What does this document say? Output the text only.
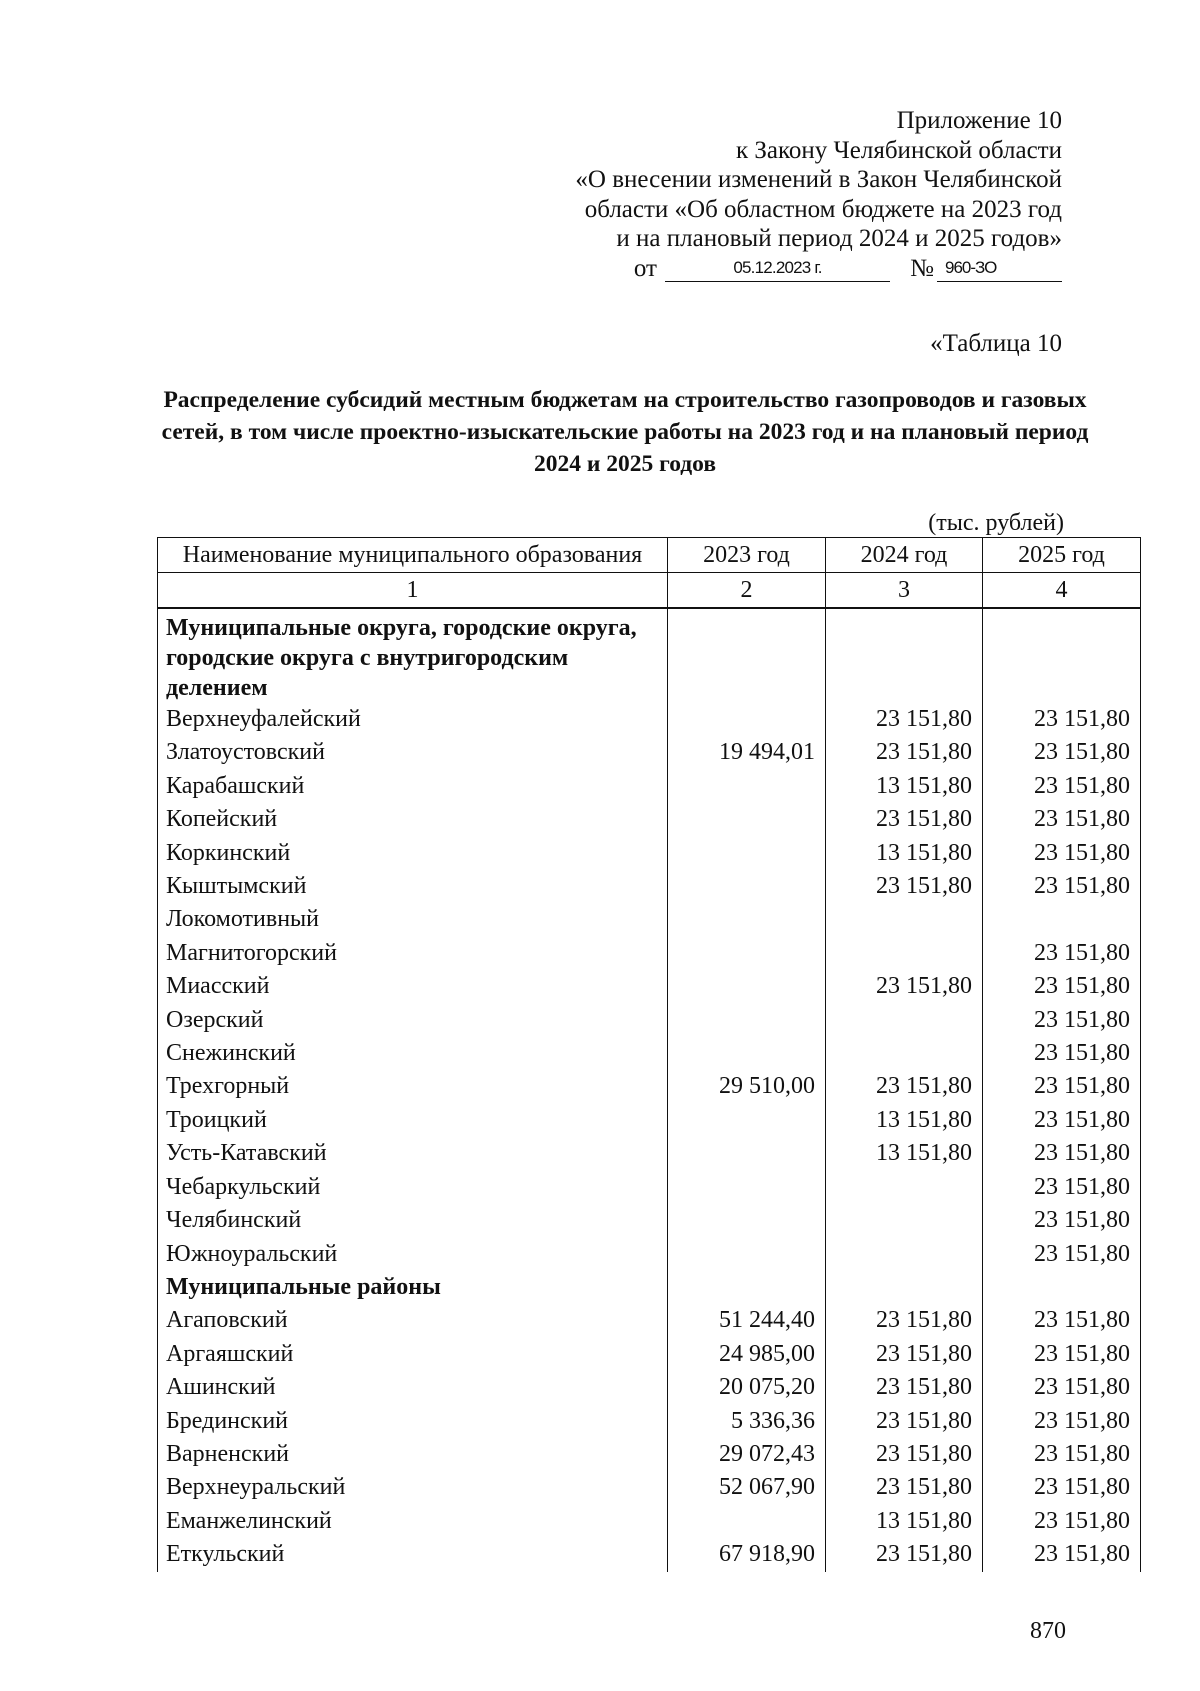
Приложение 10
к Закону Челябинской области
«О внесении изменений в Закон Челябинской
области «Об областном бюджете на 2023 год
и на плановый период 2024 и 2025 годов»
от	05.12.2023 г.	№ 960-ЗО
«Таблица 10
Распределение субсидий местным бюджетам на строительство газопроводов и газовых сетей, в том числе проектно-изыскательские работы на 2023 год и на плановый период 2024 и 2025 годов
(тыс. рублей)
Наименование муниципального образования	2023 год	2024 год	2025 год
1	2	3	4
Муниципальные округа, городские округа, городские округа с внутригородским делением			
Верхнеуфалейский		23 151,80	23 151,80
Златоустовский	19 494,01	23 151,80	23 151,80
Карабашский		13 151,80	23 151,80
Копейский		23 151,80	23 151,80
Коркинский		13 151,80	23 151,80
Кыштымский		23 151,80	23 151,80
Локомотивный			
Магнитогорский			23 151,80
Миасский		23 151,80	23 151,80
Озерский			23 151,80
Снежинский			23 151,80
Трехгорный	29 510,00	23 151,80	23 151,80
Троицкий		13 151,80	23 151,80
Усть-Катавский		13 151,80	23 151,80
Чебаркульский			23 151,80
Челябинский			23 151,80
Южноуральский			23 151,80
Муниципальные районы			
Агаповский	51 244,40	23 151,80	23 151,80
Аргаяшский	24 985,00	23 151,80	23 151,80
Ашинский	20 075,20	23 151,80	23 151,80
Брединский	5 336,36	23 151,80	23 151,80
Варненский	29 072,43	23 151,80	23 151,80
Верхнеуральский	52 067,90	23 151,80	23 151,80
Еманжелинский		13 151,80	23 151,80
Еткульский	67 918,90	23 151,80	23 151,80
870
